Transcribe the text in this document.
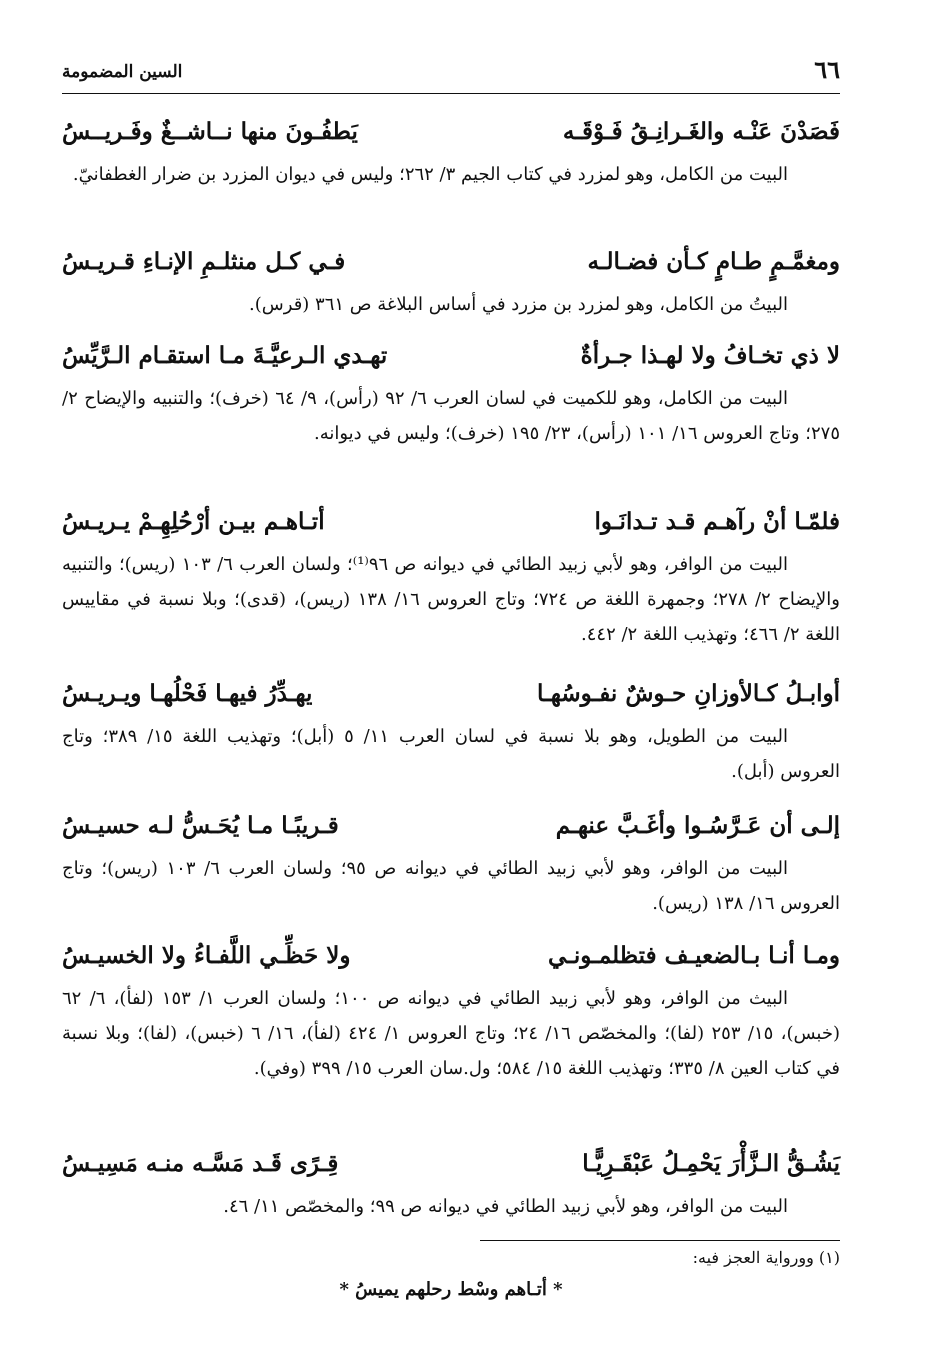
٦٦
السين المضمومة
فَصَدْنَ عَنْـه والغَـرانِـقُ فَـوْقَـه
يَطفُـونَ منها نــاشــغٌ وفَـريــسُ
البيت من الكامل، وهو لمزرد في كتاب الجيم ٣/ ٢٦٢؛ وليس في ديوان المزرد بن ضرار الغطفانيّ.
ومغمَّـمٍ طـامٍ كـأن فضـالـه
فـي كـل منثلـمِ الإنـاءِ قـريـسُ
البيتُ من الكامل، وهو لمزرد بن مزرد في أساس البلاغة ص ٣٦١ (قرس).
لا ذي تخـافُ ولا لهـذا جـرأةٌ
تهـدي الـرعيَّـةَ مـا استقـام الـرَّيِّسُ
البيت من الكامل، وهو للكميت في لسان العرب ٦/ ٩٢ (رأس)، ٩/ ٦٤ (خرف)؛ والتنبيه والإيضاح ٢/ ٢٧٥؛ وتاج العروس ١٦/ ١٠١ (رأس)، ٢٣/ ١٩٥ (خرف)؛ وليس في ديوانه.
فلمّـا أنْ رآهـم قـد تـدانَـوا
أتـاهـم بيـن أرْحُلِهِـمْ يـريـسُ
البيت من الوافر، وهو لأبي زبيد الطائي في ديوانه ص ٩٦⁽¹⁾؛ ولسان العرب ٦/ ١٠٣ (ريس)؛ والتنبيه والإيضاح ٢/ ٢٧٨؛ وجمهرة اللغة ص ٧٢٤؛ وتاج العروس ١٦/ ١٣٨ (ريس)، (قدى)؛ وبلا نسبة في مقاييس اللغة ٢/ ٤٦٦؛ وتهذيب اللغة ٢/ ٤٤٢.
أوابـلُ كـالأوزانِ حـوشٌ نفـوسُهـا
يهـدِّرُ فيهـا فَحْلُهـا ويـريـسُ
البيت من الطويل، وهو بلا نسبة في لسان العرب ١١/ ٥ (أبل)؛ وتهذيب اللغة ١٥/ ٣٨٩؛ وتاج العروس (أبل).
إلـى أن عَـرَّسُـوا وأغَـبَّ عنهـم
قـريبًـا مـا يُحَـسُّ لـه حسيـسُ
البيت من الوافر، وهو لأبي زبيد الطائي في ديوانه ص ٩٥؛ ولسان العرب ٦/ ١٠٣ (ريس)؛ وتاج العروس ١٦/ ١٣٨ (ريس).
ومـا أنـا بـالضعيـف فتظلمـونـي
ولا حَظِّـي اللَّفـاءُ ولا الخسيـسُ
البيث من الوافر، وهو لأبي زبيد الطائي في ديوانه ص ١٠٠؛ ولسان العرب ١/ ١٥٣ (لفأ)، ٦/ ٦٢ (خبس)، ١٥/ ٢٥٣ (لفا)؛ والمخصّص ١٦/ ٢٤؛ وتاج العروس ١/ ٤٢٤ (لفأ)، ١٦/ ٦ (خبس)، (لفا)؛ وبلا نسبة في كتاب العين ٨/ ٣٣٥؛ وتهذيب اللغة ١٥/ ٥٨٤؛ ول.سان العرب ١٥/ ٣٩٩ (وفي).
يَشُـقُّ الـزَّأْرَ يَحْمِـلُ عَبْقَـرِيًّـا
قِـرًى قَـد مَسَّـه منـه مَسِيـسُ
البيت من الوافر، وهو لأبي زبيد الطائي في ديوانه ص ٩٩؛ والمخصّص ١١/ ٤٦.
(١) وورواية العجز فيه:
* أتـاهم وسْط رحلهم يميسُ *
